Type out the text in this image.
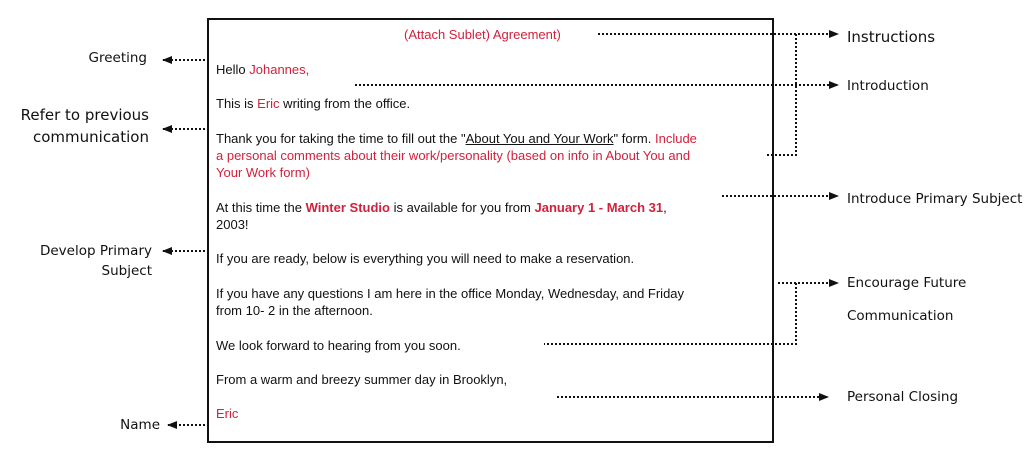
(Attach Sublet) Agreement)
Hello Johannes,
This is Eric writing from the office.
Thank you for taking the time to fill out the "About You and Your Work" form. Include
a personal comments about their work/personality (based on info in About You and
Your Work form)
At this time the Winter Studio is available for you from January 1 - March 31,
2003!
If you are ready, below is everything you will need to make a reservation.
If you have any questions I am here in the office Monday, Wednesday, and Friday
from 10- 2 in the afternoon.
We look forward to hearing from you soon.
From a warm and breezy summer day in Brooklyn,
Eric
Greeting
Refer to previous
communication
Develop Primary
Subject
Name
Instructions
Introduction
Introduce Primary Subject
Encourage Future
Communication
Personal Closing
